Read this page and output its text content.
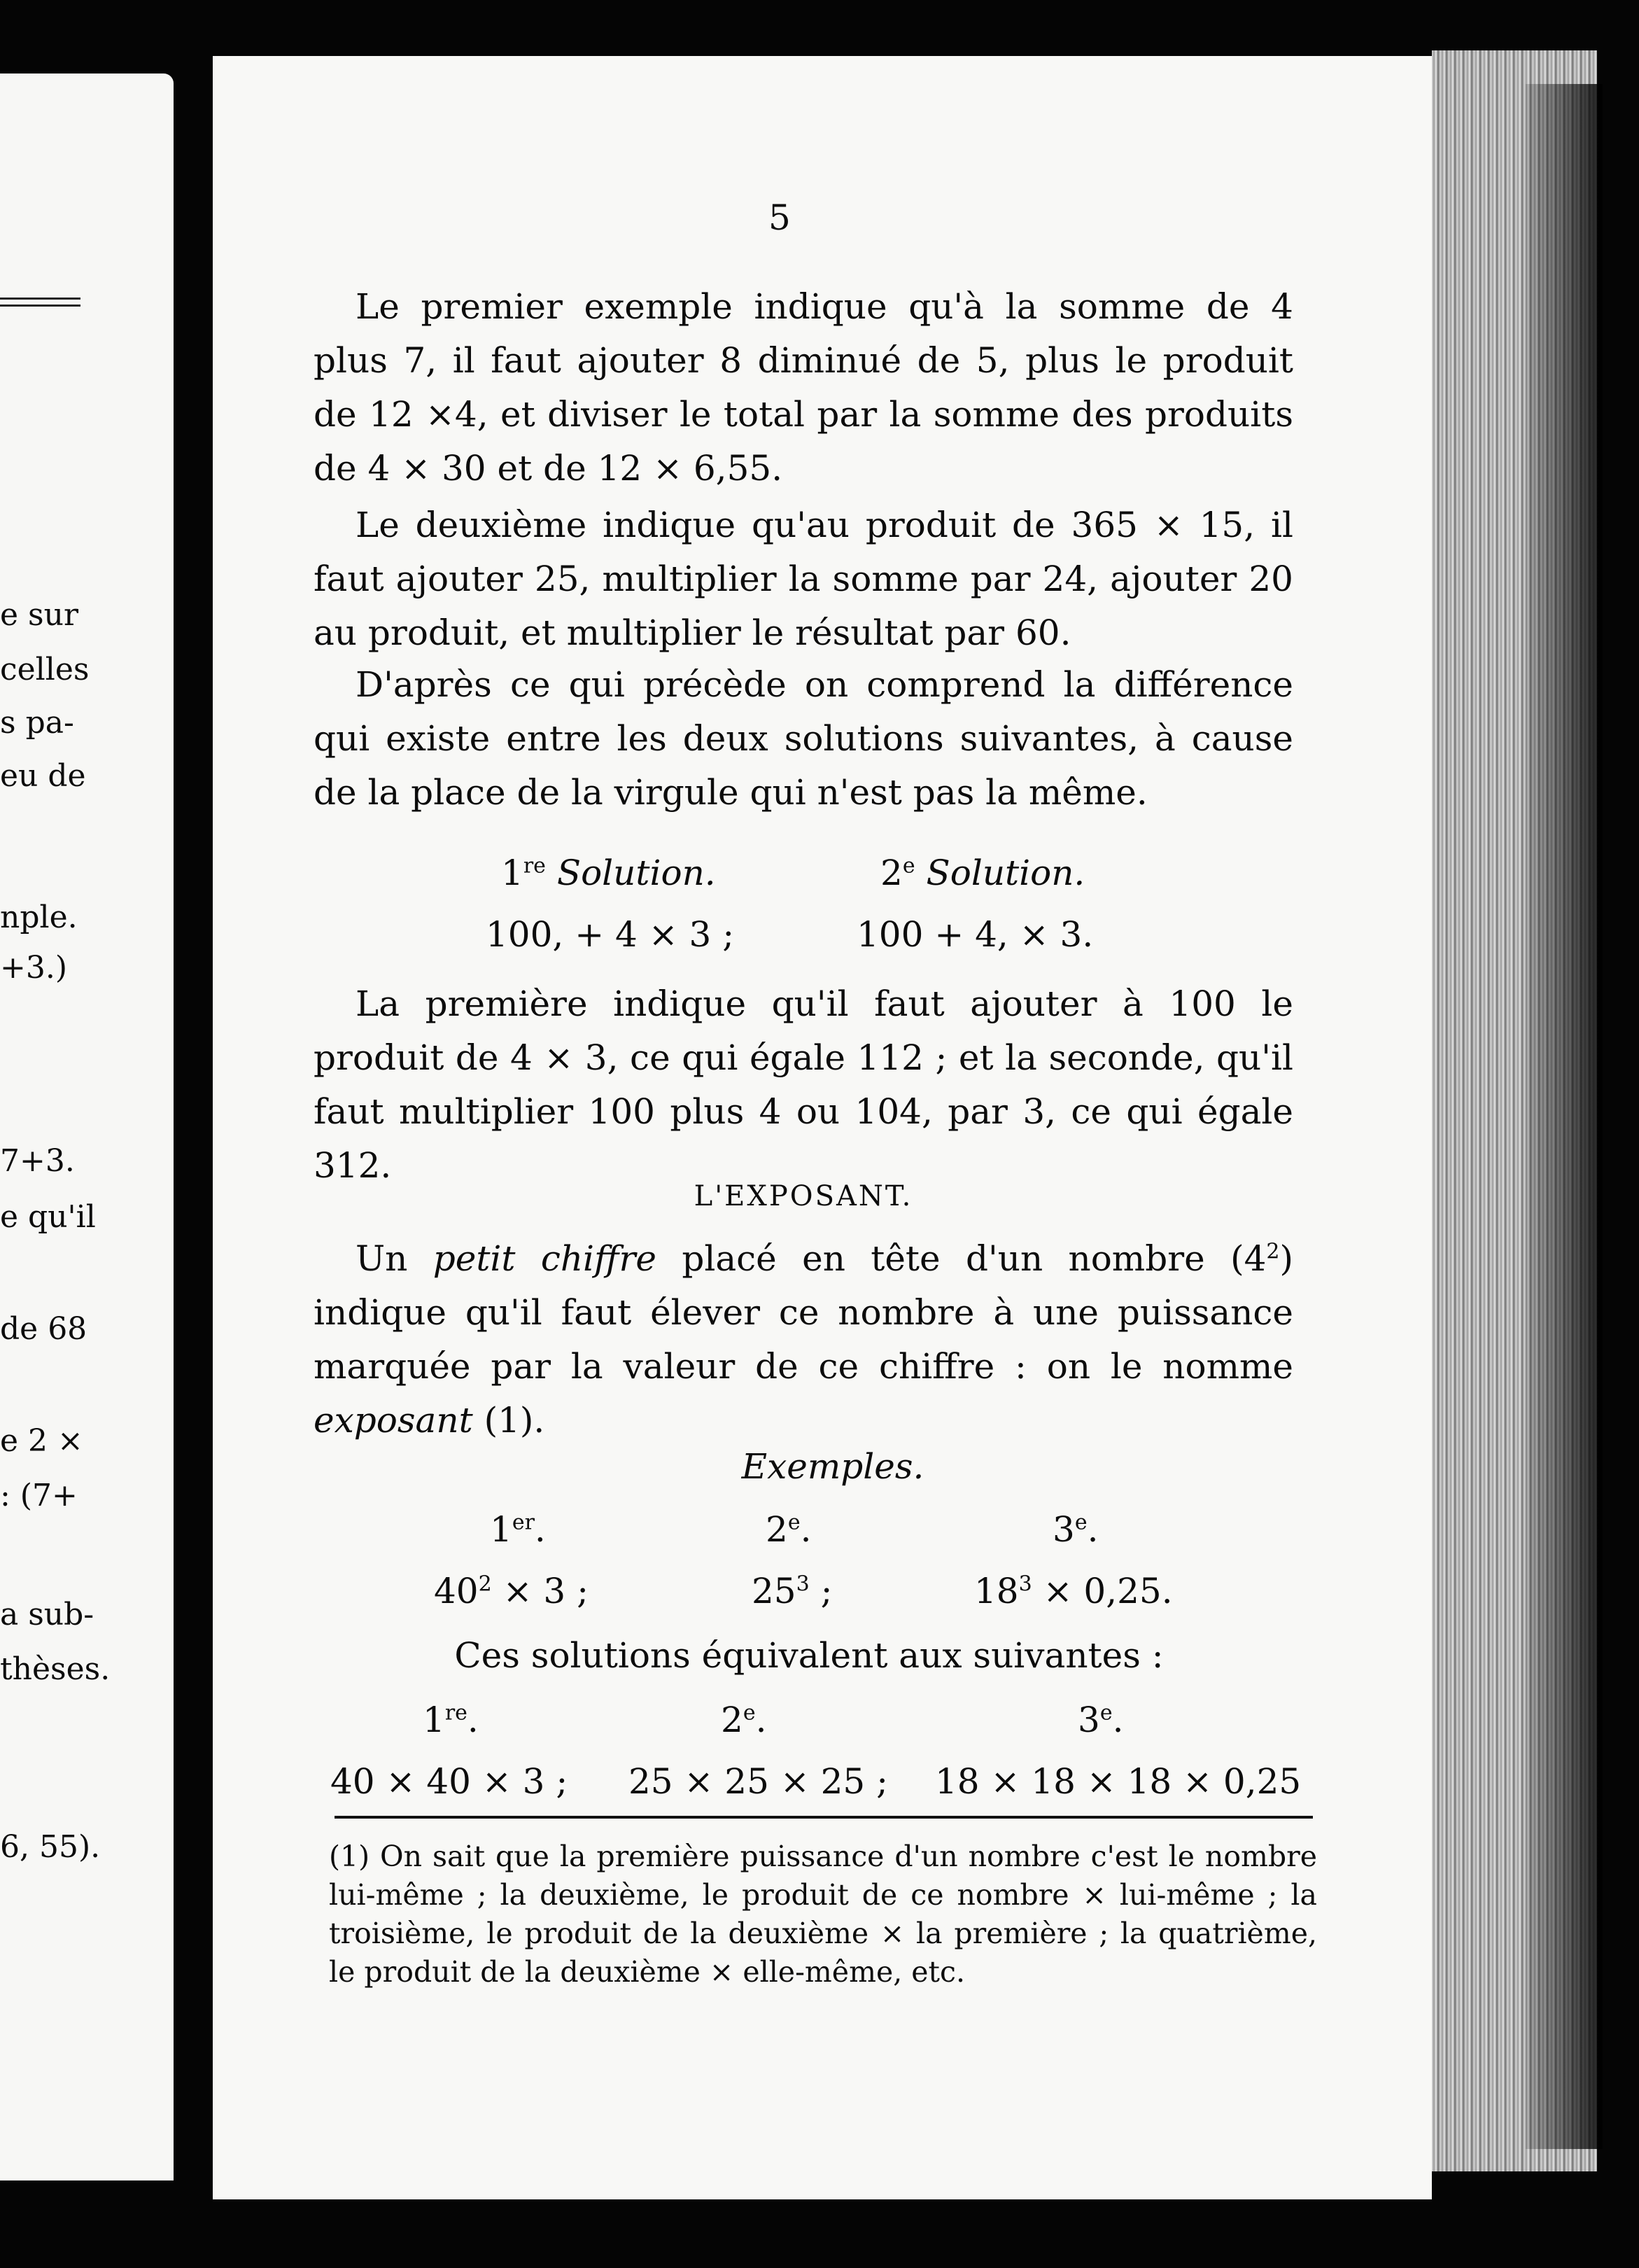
e sur
celles
s pa-
eu de
nple.
+3.)
7+3.
e qu'il
de 68
e 2 ×
: (7+
a sub-
thèses.
6, 55).
5

Le premier exemple indique qu'à la somme de 4 plus 7, il faut ajouter 8 diminué de 5, plus le produit de 12 ×4, et diviser le total par la somme des produits de 4 × 30 et de 12 × 6,55.

Le deuxième indique qu'au produit de 365 × 15, il faut ajouter 25, multiplier la somme par 24, ajouter 20 au produit, et multiplier le résultat par 60.

D'après ce qui précède on comprend la différence qui existe entre les deux solutions suivantes, à cause de la place de la virgule qui n'est pas la même.

1re Solution.	2e Solution.
100, + 4 × 3 ;	100 + 4, × 3.

La première indique qu'il faut ajouter à 100 le produit de 4 × 3, ce qui égale 112 ; et la seconde, qu'il faut multiplier 100 plus 4 ou 104, par 3, ce qui égale 312.

L'EXPOSANT.

Un petit chiffre placé en tête d'un nombre $(4^2)$ indique qu'il faut élever ce nombre à une puissance marquée par la valeur de ce chiffre : on le nomme exposant (1).

Exemples.
1er.	2e.	3e.
$40^2 \times 3$ ;	$25^3$ ;	$18^3 \times 0,25$.
Ces solutions équivalent aux suivantes :
1re.	2e.	3e.
40 × 40 × 3 ; 25 × 25 × 25 ; 18 × 18 × 18 × 0,25

(1) On sait que la première puissance d'un nombre c'est le nombre lui-même ; la deuxième, le produit de ce nombre × lui-même ; la troisième, le produit de la deuxième × la première ; la quatrième, le produit de la deuxième × elle-même, etc.
